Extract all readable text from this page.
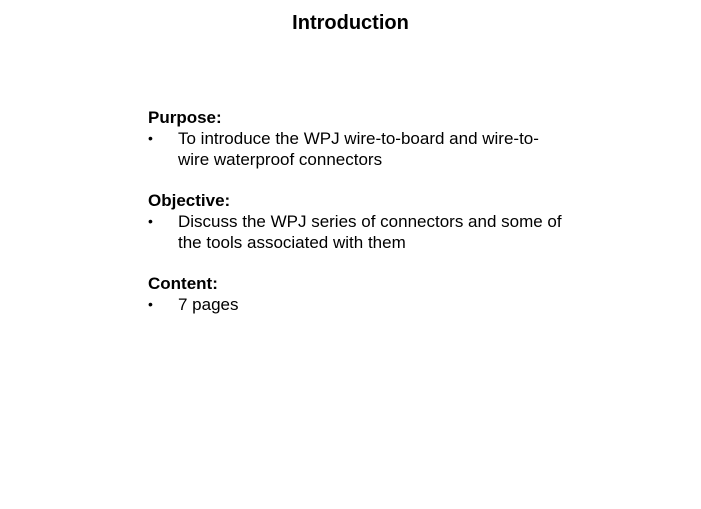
Introduction
Purpose:
•	To introduce the WPJ wire-to-board and wire-to-wire waterproof connectors
Objective:
•	Discuss the WPJ series of connectors and some of the tools associated with them
Content:
•	7 pages
